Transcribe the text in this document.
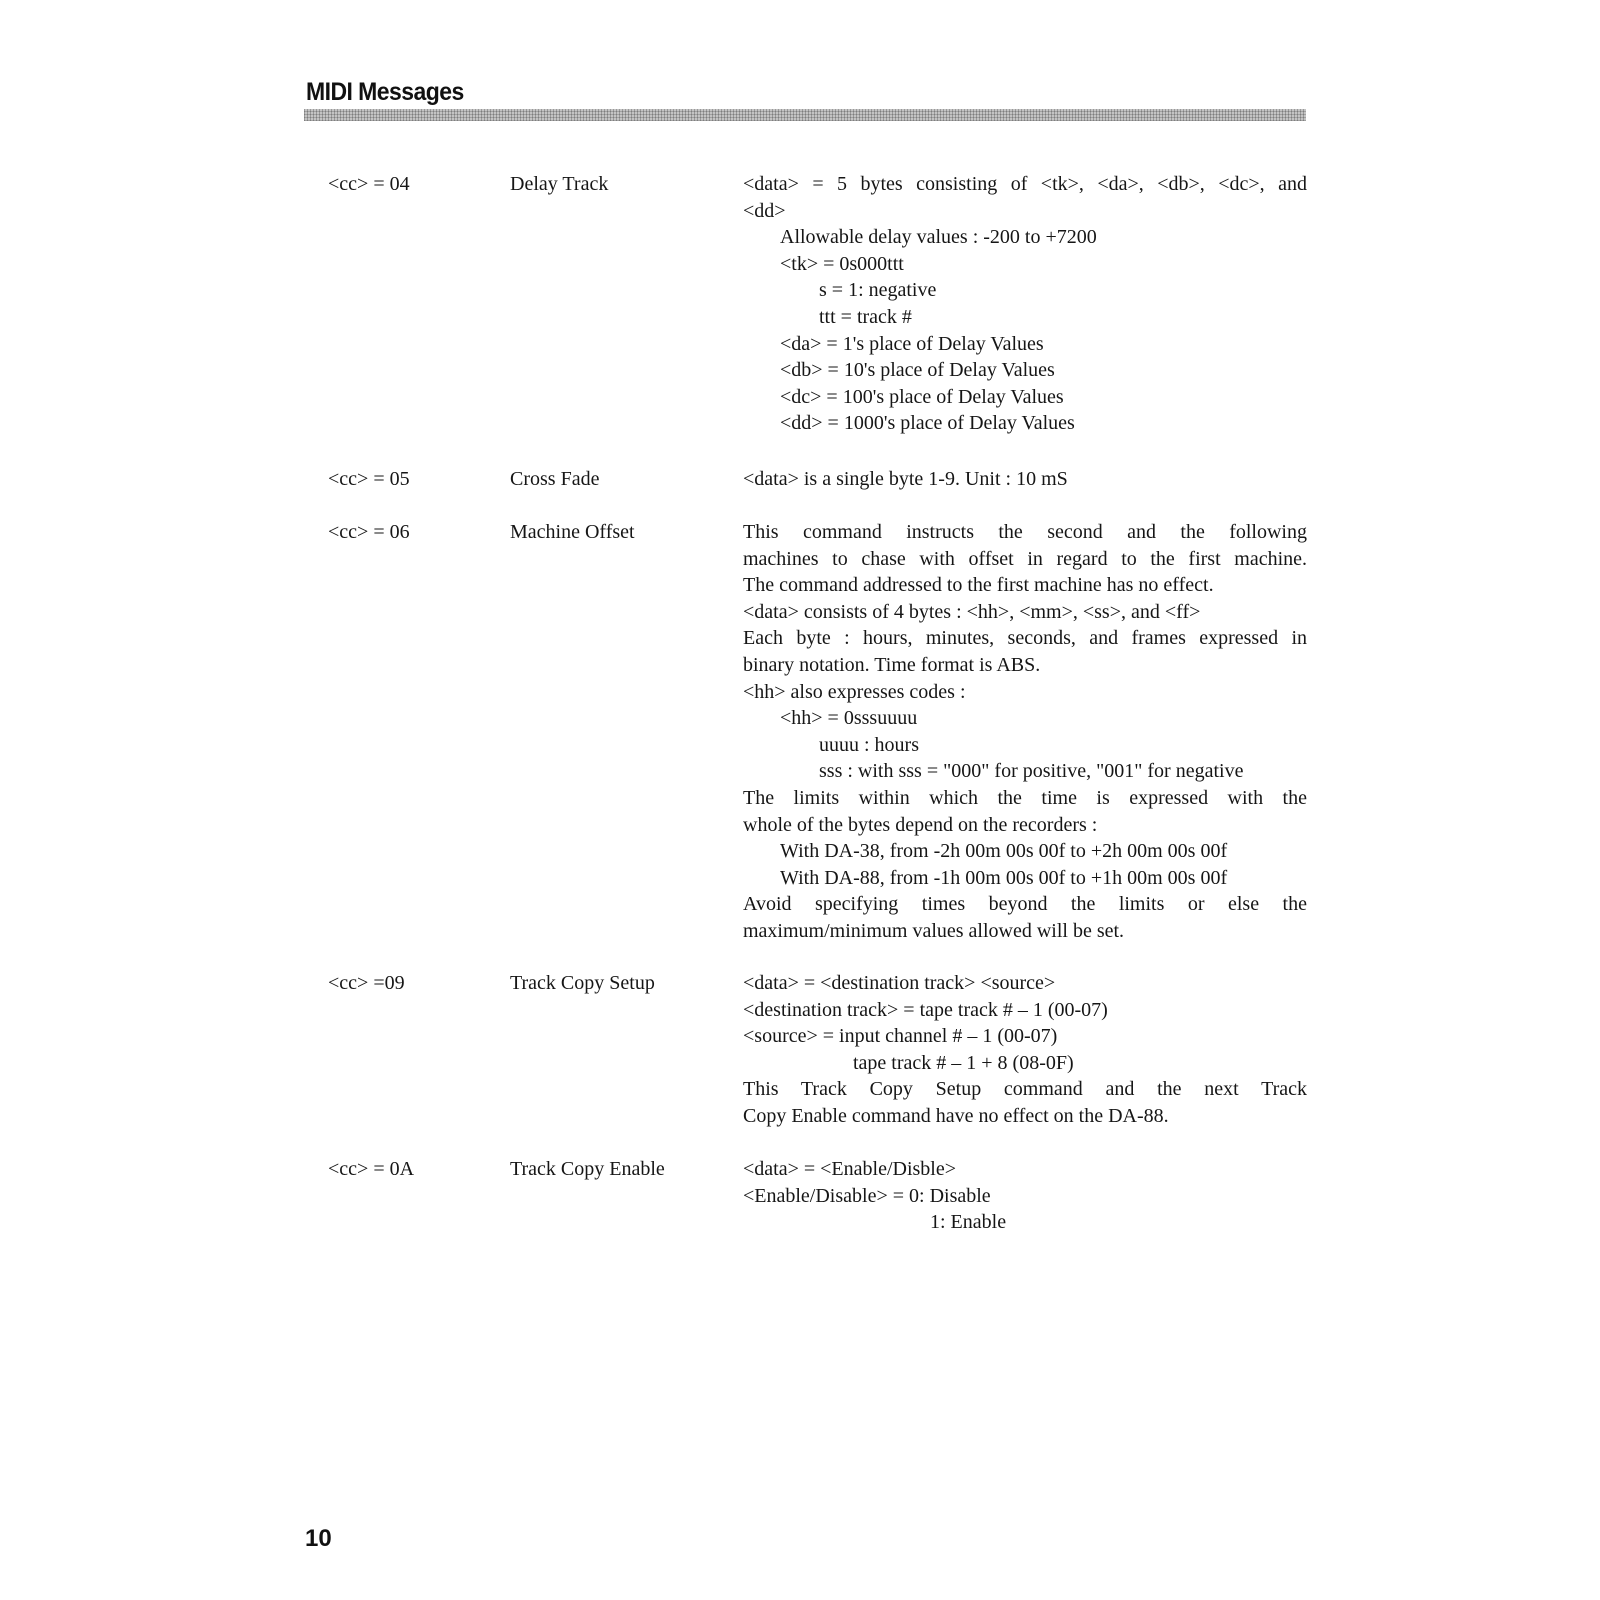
MIDI Messages
<cc> = 04	Delay Track	<data> = 5 bytes consisting of <tk>, <da>, <db>, <dc>, and
<dd>
Allowable delay values : -200 to +7200
<tk> = 0s000ttt
s = 1: negative
ttt = track #
<da> = 1's place of Delay Values
<db> = 10's place of Delay Values
<dc> = 100's place of Delay Values
<dd> = 1000's place of Delay Values
<cc> = 05	Cross Fade	<data> is a single byte 1-9. Unit : 10 mS
<cc> = 06	Machine Offset	This command instructs the second and the following
machines to chase with offset in regard to the first machine.
The command addressed to the first machine has no effect.
<data> consists of 4 bytes : <hh>, <mm>, <ss>, and <ff>
Each byte : hours, minutes, seconds, and frames expressed in
binary notation. Time format is ABS.
<hh> also expresses codes :
<hh> = 0sssuuuu
uuuu : hours
sss : with sss = "000" for positive, "001" for negative
The limits within which the time is expressed with the
whole of the bytes depend on the recorders :
With DA-38, from -2h 00m 00s 00f to +2h 00m 00s 00f
With DA-88, from -1h 00m 00s 00f to +1h 00m 00s 00f
Avoid specifying times beyond the limits or else the
maximum/minimum values allowed will be set.
<cc> =09	Track Copy Setup	<data> = <destination track> <source>
<destination track> = tape track # – 1 (00-07)
<source> = input channel # – 1 (00-07)
tape track # – 1 + 8 (08-0F)
This Track Copy Setup command and the next Track
Copy Enable command have no effect on the DA-88.
<cc> = 0A	Track Copy Enable	<data> = <Enable/Disble>
<Enable/Disable> = 0: Disable
1: Enable
10
